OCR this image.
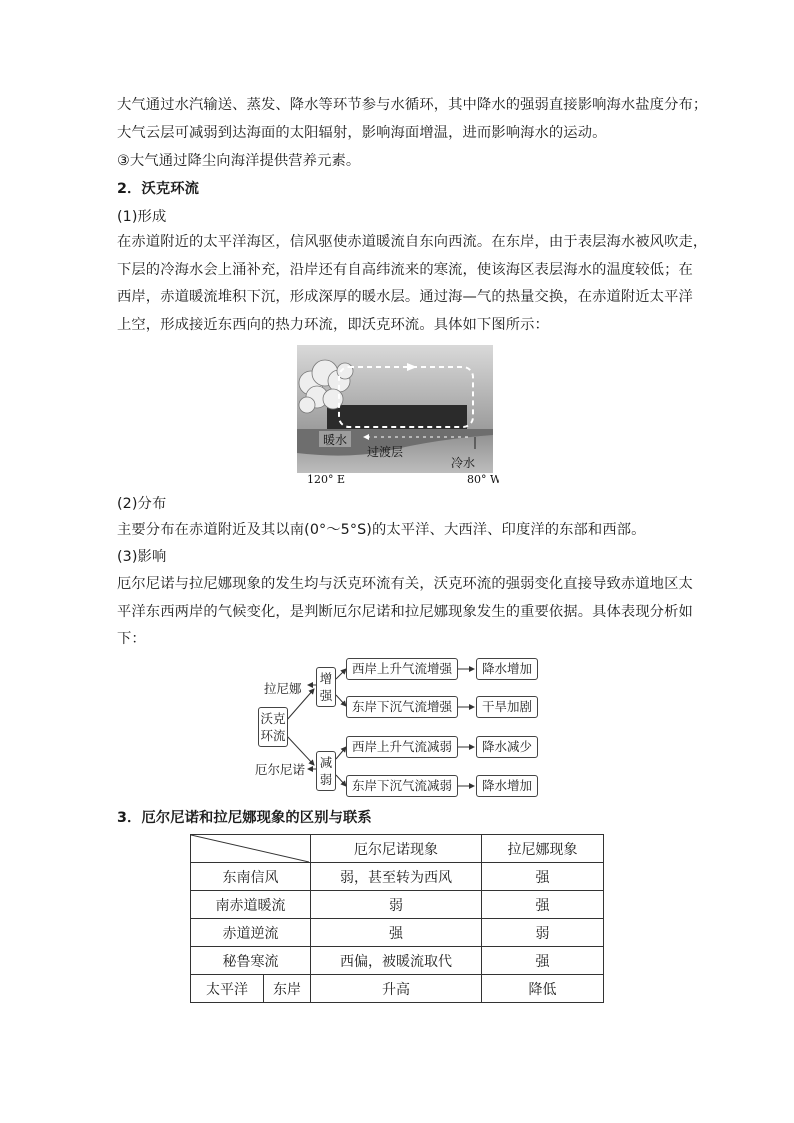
大气通过水汽输送、蒸发、降水等环节参与水循环，其中降水的强弱直接影响海水盐度分布；
大气云层可减弱到达海面的太阳辐射，影响海面增温，进而影响海水的运动。
③大气通过降尘向海洋提供营养元素。
2．沃克环流
(1)形成
在赤道附近的太平洋海区，信风驱使赤道暖流自东向西流。在东岸，由于表层海水被风吹走，
下层的冷海水会上涌补充，沿岸还有自高纬流来的寒流，使该海区表层海水的温度较低；在
西岸，赤道暖流堆积下沉，形成深厚的暖水层。通过海—气的热量交换，在赤道附近太平洋
上空，形成接近东西向的热力环流，即沃克环流。具体如下图所示：
暖水
过渡层
冷水
120° E	80° W
(2)分布
主要分布在赤道附近及其以南(0°～5°S)的太平洋、大西洋、印度洋的东部和西部。
(3)影响
厄尔尼诺与拉尼娜现象的发生均与沃克环流有关，沃克环流的强弱变化直接导致赤道地区太
平洋东西两岸的气候变化，是判断厄尔尼诺和拉尼娜现象发生的重要依据。具体表现分析如
下：
沃克
环流
拉尼娜
厄尔尼诺
增
强
减
弱
西岸上升气流增强
东岸下沉气流增强
西岸上升气流减弱
东岸下沉气流减弱
降水增加
干旱加剧
降水减少
降水增加
3．厄尔尼诺和拉尼娜现象的区别与联系
	厄尔尼诺现象	拉尼娜现象
东南信风		弱，甚至转为西风	强
南赤道暖流		弱	强
赤道逆流		强	弱
秘鲁寒流		西偏，被暖流取代	强
太平洋	东岸	升高	降低
